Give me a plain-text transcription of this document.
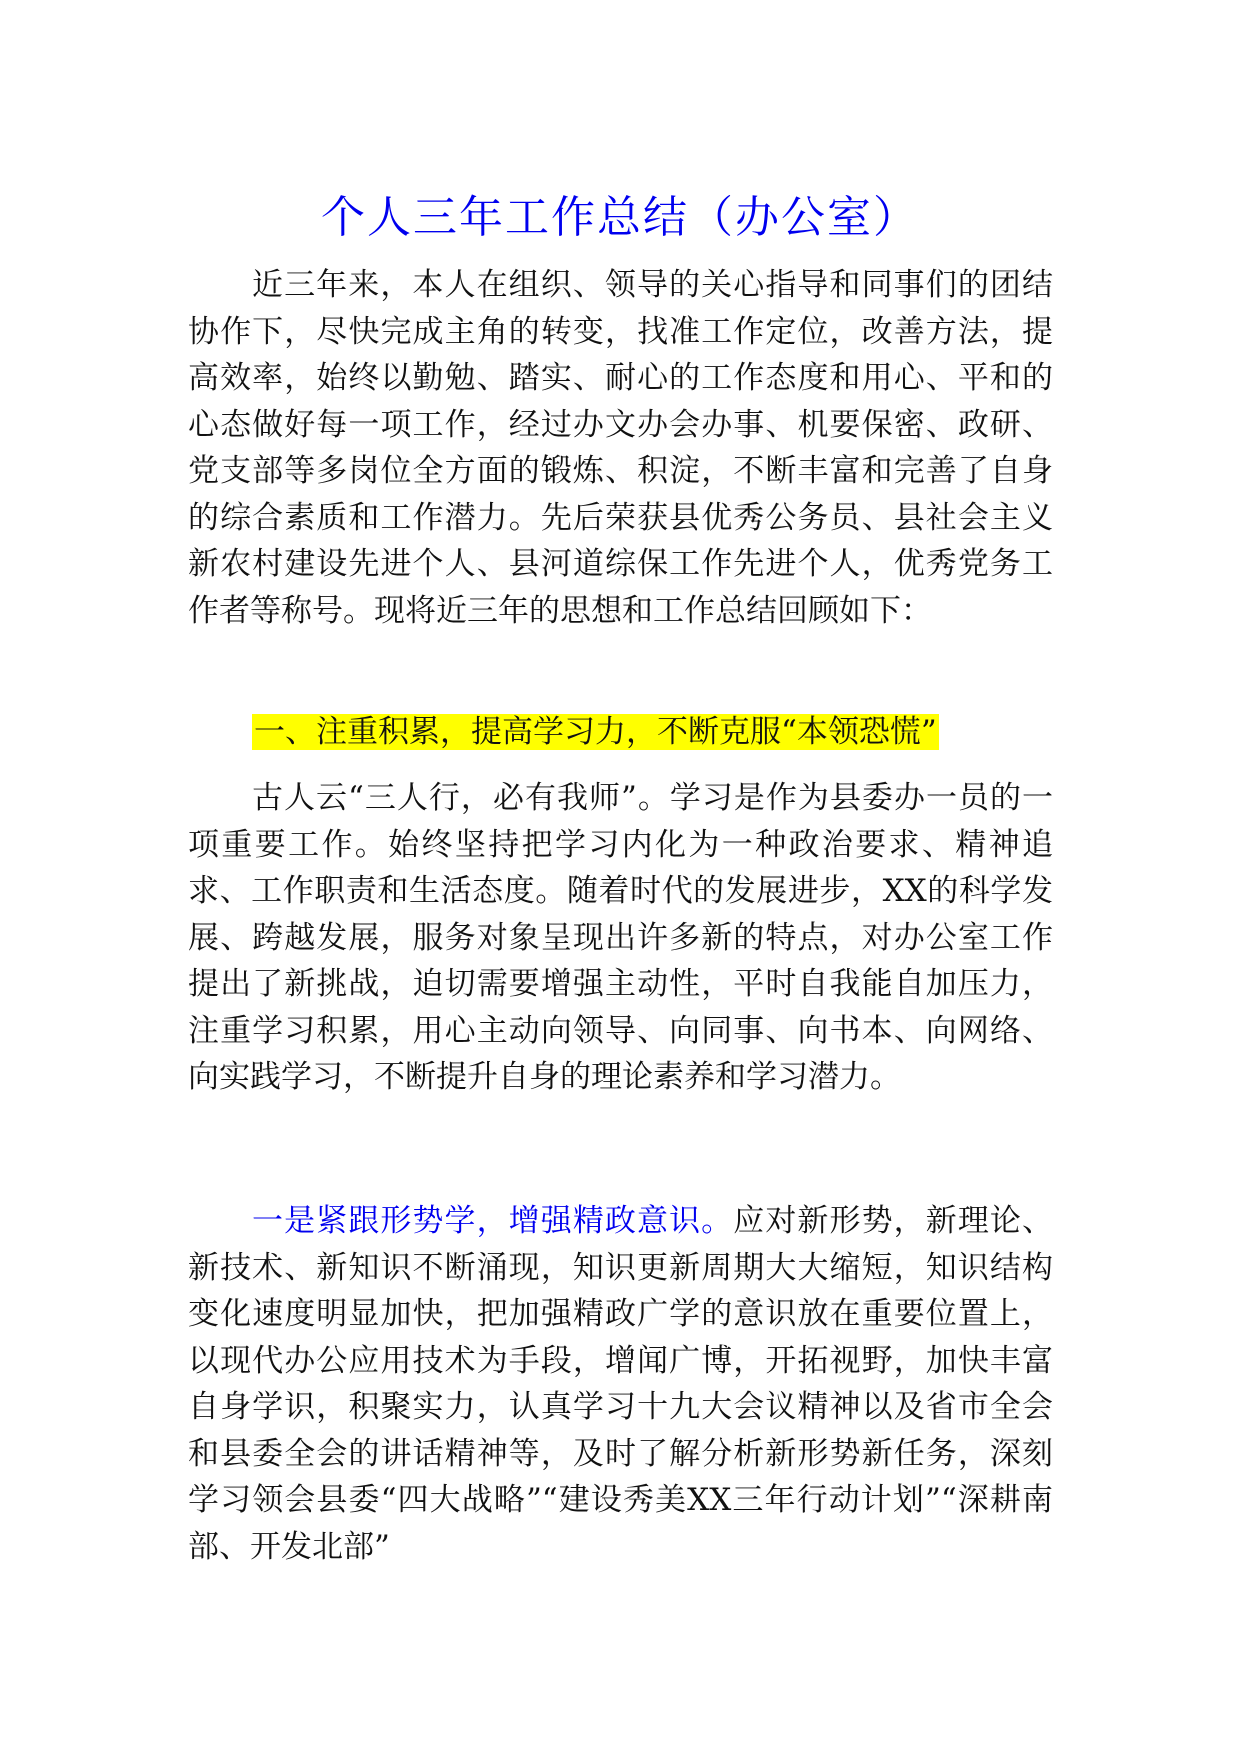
个人三年工作总结（办公室）

近三年来，本人在组织、领导的关心指导和同事们的团结协作下，尽快完成主角的转变，找准工作定位，改善方法，提高效率，始终以勤勉、踏实、耐心的工作态度和用心、平和的心态做好每一项工作，经过办文办会办事、机要保密、政研、党支部等多岗位全方面的锻炼、积淀，不断丰富和完善了自身的综合素质和工作潜力。先后荣获县优秀公务员、县社会主义新农村建设先进个人、县河道综保工作先进个人，优秀党务工作者等称号。现将近三年的思想和工作总结回顾如下：

一、注重积累，提高学习力，不断克服“本领恐慌”

古人云“三人行，必有我师”。学习是作为县委办一员的一项重要工作。始终坚持把学习内化为一种政治要求、精神追求、工作职责和生活态度。随着时代的发展进步，XX的科学发展、跨越发展，服务对象呈现出许多新的特点，对办公室工作提出了新挑战，迫切需要增强主动性，平时自我能自加压力，注重学习积累，用心主动向领导、向同事、向书本、向网络、向实践学习，不断提升自身的理论素养和学习潜力。

一是紧跟形势学，增强精政意识。应对新形势，新理论、新技术、新知识不断涌现，知识更新周期大大缩短，知识结构变化速度明显加快，把加强精政广学的意识放在重要位置上，以现代办公应用技术为手段，增闻广博，开拓视野，加快丰富自身学识，积聚实力，认真学习十九大会议精神以及省市全会和县委全会的讲话精神等，及时了解分析新形势新任务，深刻学习领会县委“四大战略”“建设秀美XX三年行动计划”“深耕南部、开发北部”
